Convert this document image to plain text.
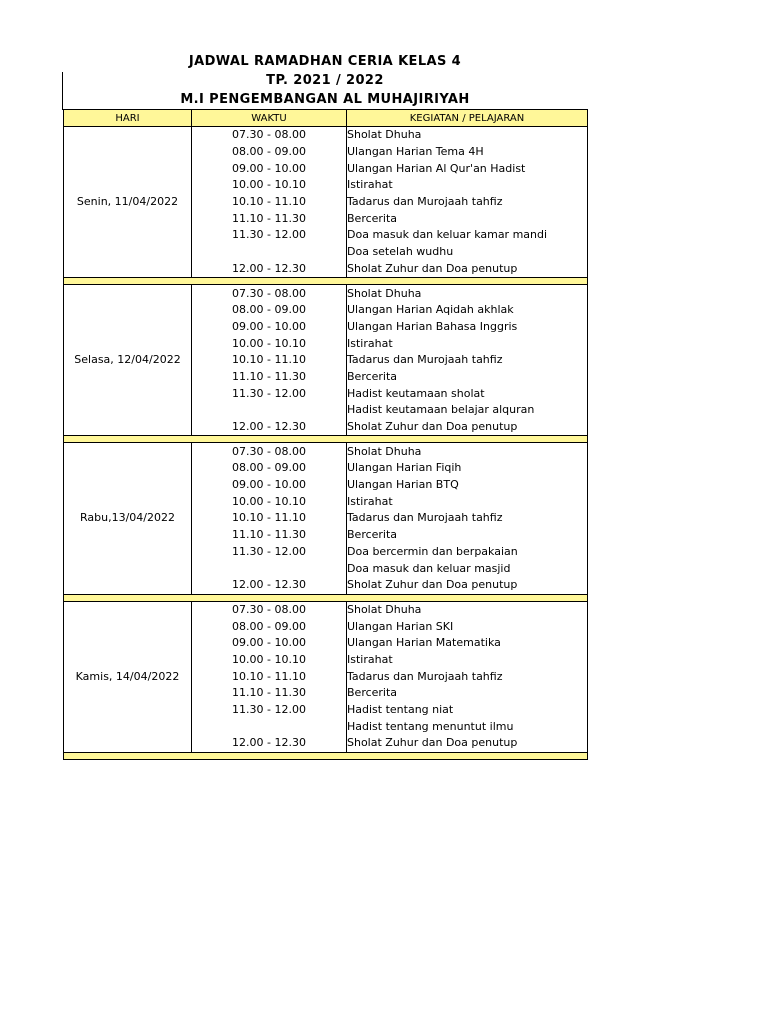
JADWAL RAMADHAN CERIA KELAS 4
TP. 2021 / 2022
M.I PENGEMBANGAN AL MUHAJIRIYAH
HARI	WAKTU	KEGIATAN / PELAJARAN
Senin, 11/04/2022	07.30 - 08.00	Sholat Dhuha
	08.00 - 09.00	Ulangan Harian Tema 4H
	09.00 - 10.00	Ulangan Harian Al Qur'an Hadist
	10.00 - 10.10	Istirahat
	10.10 - 11.10	Tadarus dan Murojaah tahfiz
	11.10 - 11.30	Bercerita
	11.30 - 12.00	Doa masuk dan keluar kamar mandi
		Doa setelah wudhu
	12.00 - 12.30	Sholat Zuhur dan Doa penutup

Selasa, 12/04/2022	07.30 - 08.00	Sholat Dhuha
	08.00 - 09.00	Ulangan Harian Aqidah akhlak
	09.00 - 10.00	Ulangan Harian Bahasa Inggris
	10.00 - 10.10	Istirahat
	10.10 - 11.10	Tadarus dan Murojaah tahfiz
	11.10 - 11.30	Bercerita
	11.30 - 12.00	Hadist keutamaan sholat
		Hadist keutamaan belajar alquran
	12.00 - 12.30	Sholat Zuhur dan Doa penutup

Rabu,13/04/2022	07.30 - 08.00	Sholat Dhuha
	08.00 - 09.00	Ulangan Harian Fiqih
	09.00 - 10.00	Ulangan Harian BTQ
	10.00 - 10.10	Istirahat
	10.10 - 11.10	Tadarus dan Murojaah tahfiz
	11.10 - 11.30	Bercerita
	11.30 - 12.00	Doa bercermin dan berpakaian
		Doa masuk dan keluar masjid
	12.00 - 12.30	Sholat Zuhur dan Doa penutup

Kamis, 14/04/2022	07.30 - 08.00	Sholat Dhuha
	08.00 - 09.00	Ulangan Harian SKI
	09.00 - 10.00	Ulangan Harian Matematika
	10.00 - 10.10	Istirahat
	10.10 - 11.10	Tadarus dan Murojaah tahfiz
	11.10 - 11.30	Bercerita
	11.30 - 12.00	Hadist tentang niat
		Hadist tentang menuntut ilmu
	12.00 - 12.30	Sholat Zuhur dan Doa penutup
